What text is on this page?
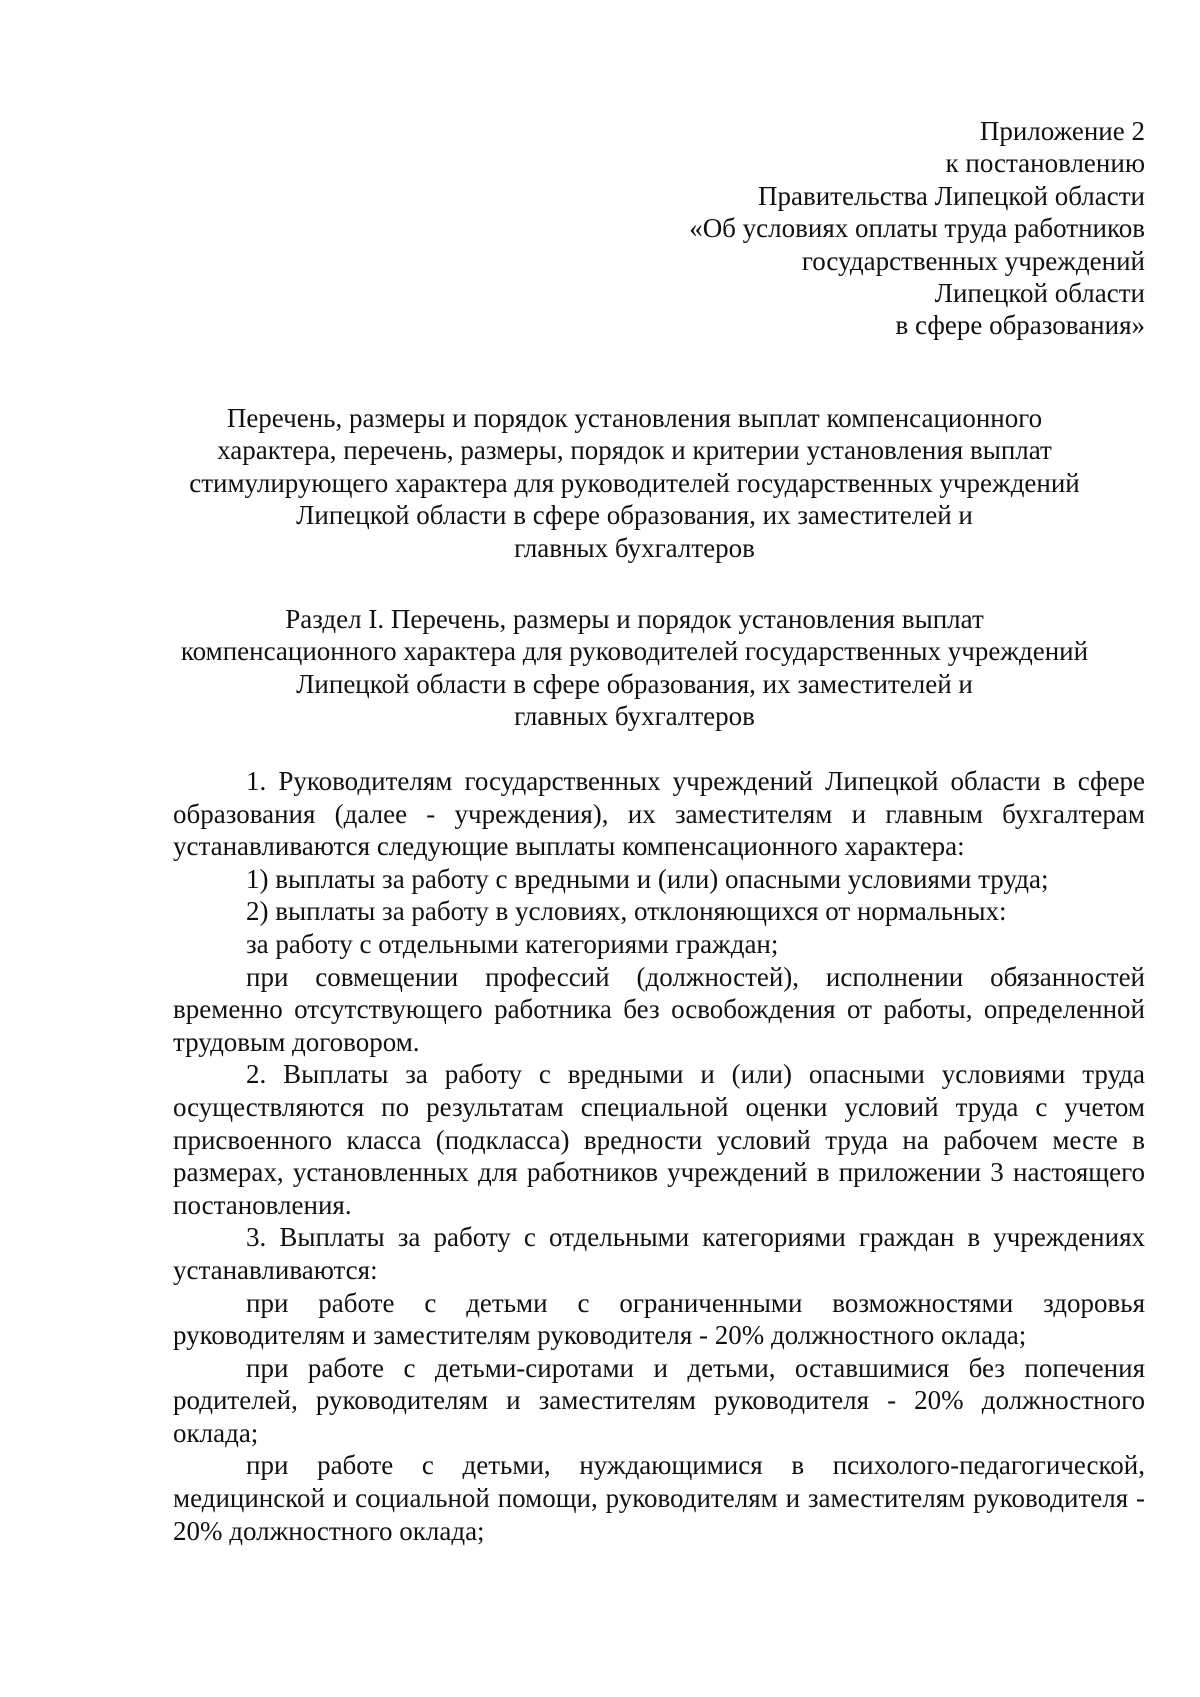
Приложение 2
к постановлению
Правительства Липецкой области
«Об условиях оплаты труда работников
государственных учреждений
Липецкой области
в сфере образования»
Перечень, размеры и порядок установления выплат компенсационного
характера, перечень, размеры, порядок и критерии установления выплат
стимулирующего характера для руководителей государственных учреждений
Липецкой области в сфере образования, их заместителей и
главных бухгалтеров
Раздел I. Перечень, размеры и порядок установления выплат
компенсационного характера для руководителей государственных учреждений
Липецкой области в сфере образования, их заместителей и
главных бухгалтеров

1. Руководителям государственных учреждений Липецкой области в сфере образования (далее - учреждения), их заместителям и главным бухгалтерам устанавливаются следующие выплаты компенсационного характера:

1) выплаты за работу с вредными и (или) опасными условиями труда;

2) выплаты за работу в условиях, отклоняющихся от нормальных:

за работу с отдельными категориями граждан;

при совмещении профессий (должностей), исполнении обязанностей временно отсутствующего работника без освобождения от работы, определенной трудовым договором.

2. Выплаты за работу с вредными и (или) опасными условиями труда осуществляются по результатам специальной оценки условий труда с учетом присвоенного класса (подкласса) вредности условий труда на рабочем месте в размерах, установленных для работников учреждений в приложении 3 настоящего постановления.

3. Выплаты за работу с отдельными категориями граждан в учреждениях устанавливаются:

при работе с детьми с ограниченными возможностями здоровья руководителям и заместителям руководителя - 20% должностного оклада;

при работе с детьми-сиротами и детьми, оставшимися без попечения родителей, руководителям и заместителям руководителя - 20% должностного оклада;

при работе с детьми, нуждающимися в психолого-педагогической, медицинской и социальной помощи, руководителям и заместителям руководителя - 20% должностного оклада;
